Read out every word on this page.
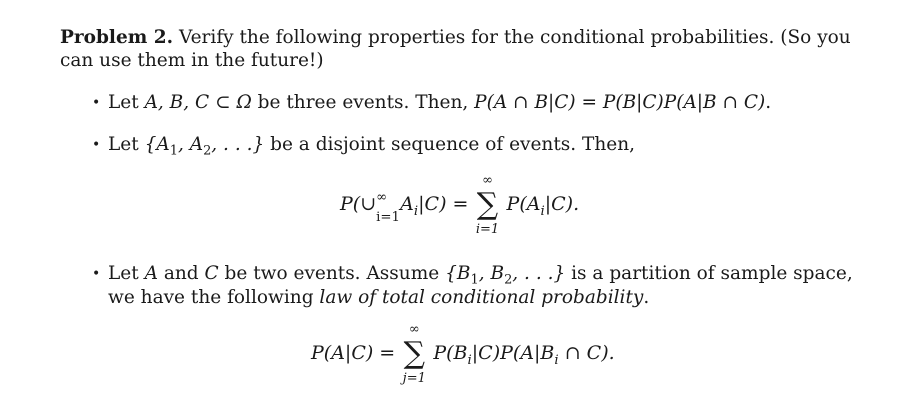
Problem 2. Verify the following properties for the conditional probabilities. (So you
can use them in the future!)
• Let A, B, C ⊂ Ω be three events. Then, P(A ∩ B|C) = P(B|C)P(A|B ∩ C).
• Let {$A_1$, $A_2$, . . .} be a disjoint sequence of events. Then,
P(∪ ∞
i=1
$A_i|C$) =
∞
∑
i=1
$P(A_i|C)$.
• Let A and C be two events. Assume {$B_1$, $B_2$, . . .} is a partition of sample space,
we have the following law of total conditional probability.
P(A|C) =
∞
∑
j=1
$P(B_i|C)P(A|B_i$ ∩ C).
